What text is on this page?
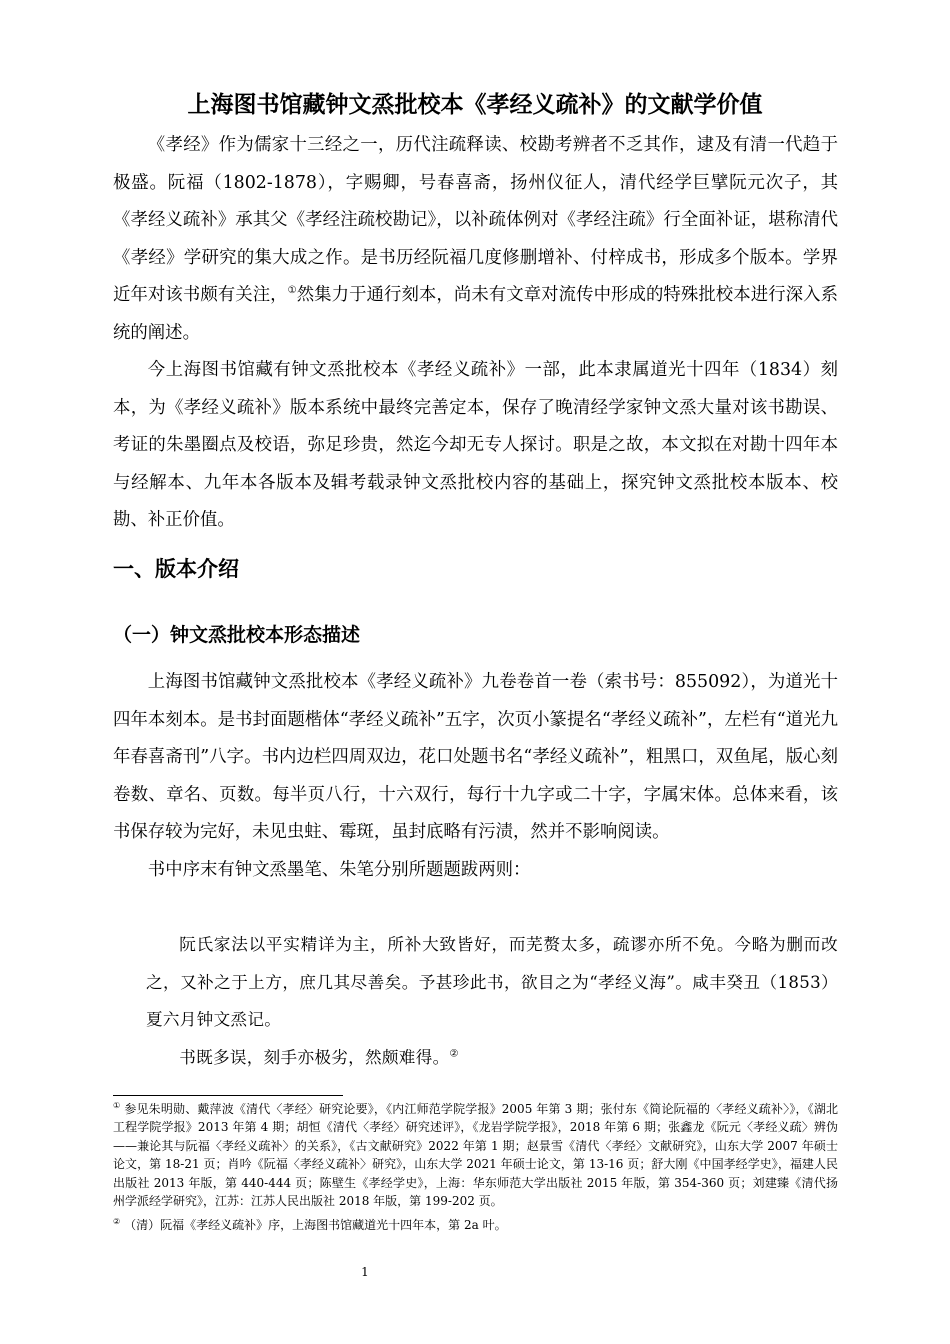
上海图书馆藏钟文烝批校本《孝经义疏补》的文献学价值

《孝经》作为儒家十三经之一，历代注疏释读、校勘考辨者不乏其作，逮及有清一代趋于极盛。阮福（1802-1878），字赐卿，号春喜斋，扬州仪征人，清代经学巨擘阮元次子，其《孝经义疏补》承其父《孝经注疏校勘记》，以补疏体例对《孝经注疏》行全面补证，堪称清代《孝经》学研究的集大成之作。是书历经阮福几度修删增补、付梓成书，形成多个版本。学界近年对该书颇有关注，①然集力于通行刻本，尚未有文章对流传中形成的特殊批校本进行深入系统的阐述。

今上海图书馆藏有钟文烝批校本《孝经义疏补》一部，此本隶属道光十四年（1834）刻本，为《孝经义疏补》版本系统中最终完善定本，保存了晚清经学家钟文烝大量对该书勘误、考证的朱墨圈点及校语，弥足珍贵，然迄今却无专人探讨。职是之故，本文拟在对勘十四年本与经解本、九年本各版本及辑考载录钟文烝批校内容的基础上，探究钟文烝批校本版本、校勘、补正价值。

一、版本介绍
（一）钟文烝批校本形态描述

上海图书馆藏钟文烝批校本《孝经义疏补》九卷卷首一卷（索书号：855092），为道光十四年本刻本。是书封面题楷体“孝经义疏补”五字，次页小篆提名“孝经义疏补”，左栏有“道光九年春喜斋刊”八字。书内边栏四周双边，花口处题书名“孝经义疏补”，粗黑口，双鱼尾，版心刻卷数、章名、页数。每半页八行，十六双行，每行十九字或二十字，字属宋体。总体来看，该书保存较为完好，未见虫蛀、霉斑，虽封底略有污渍，然并不影响阅读。

书中序末有钟文烝墨笔、朱笔分别所题题跋两则：

阮氏家法以平实精详为主，所补大致皆好，而芜赘太多，疏谬亦所不免。今略为删而改之，又补之于上方，庶几其尽善矣。予甚珍此书，欲目之为“孝经义海”。咸丰癸丑（1853）夏六月钟文烝记。

书既多误，刻手亦极劣，然颇难得。②

① 参见朱明勋、戴萍波《清代〈孝经〉研究论要》，《内江师范学院学报》2005 年第 3 期；张付东《简论阮福的〈孝经义疏补〉》，《湖北工程学院学报》2013 年第 4 期；胡恒《清代〈孝经〉研究述评》，《龙岩学院学报》，2018 年第 6 期；张鑫龙《阮元〈孝经义疏〉辨伪——兼论其与阮福〈孝经义疏补〉的关系》，《古文献研究》2022 年第 1 期；赵景雪《清代〈孝经〉文献研究》，山东大学 2007 年硕士论文，第 18-21 页；肖吟《阮福〈孝经义疏补〉研究》，山东大学 2021 年硕士论文，第 13-16 页；舒大刚《中国孝经学史》，福建人民出版社 2013 年版，第 440-444 页；陈壁生《孝经学史》，上海：华东师范大学出版社 2015 年版，第 354-360 页；刘建臻《清代扬州学派经学研究》，江苏：江苏人民出版社 2018 年版，第 199-202 页。

② （清）阮福《孝经义疏补》序，上海图书馆藏道光十四年本，第 2a 叶。

1
